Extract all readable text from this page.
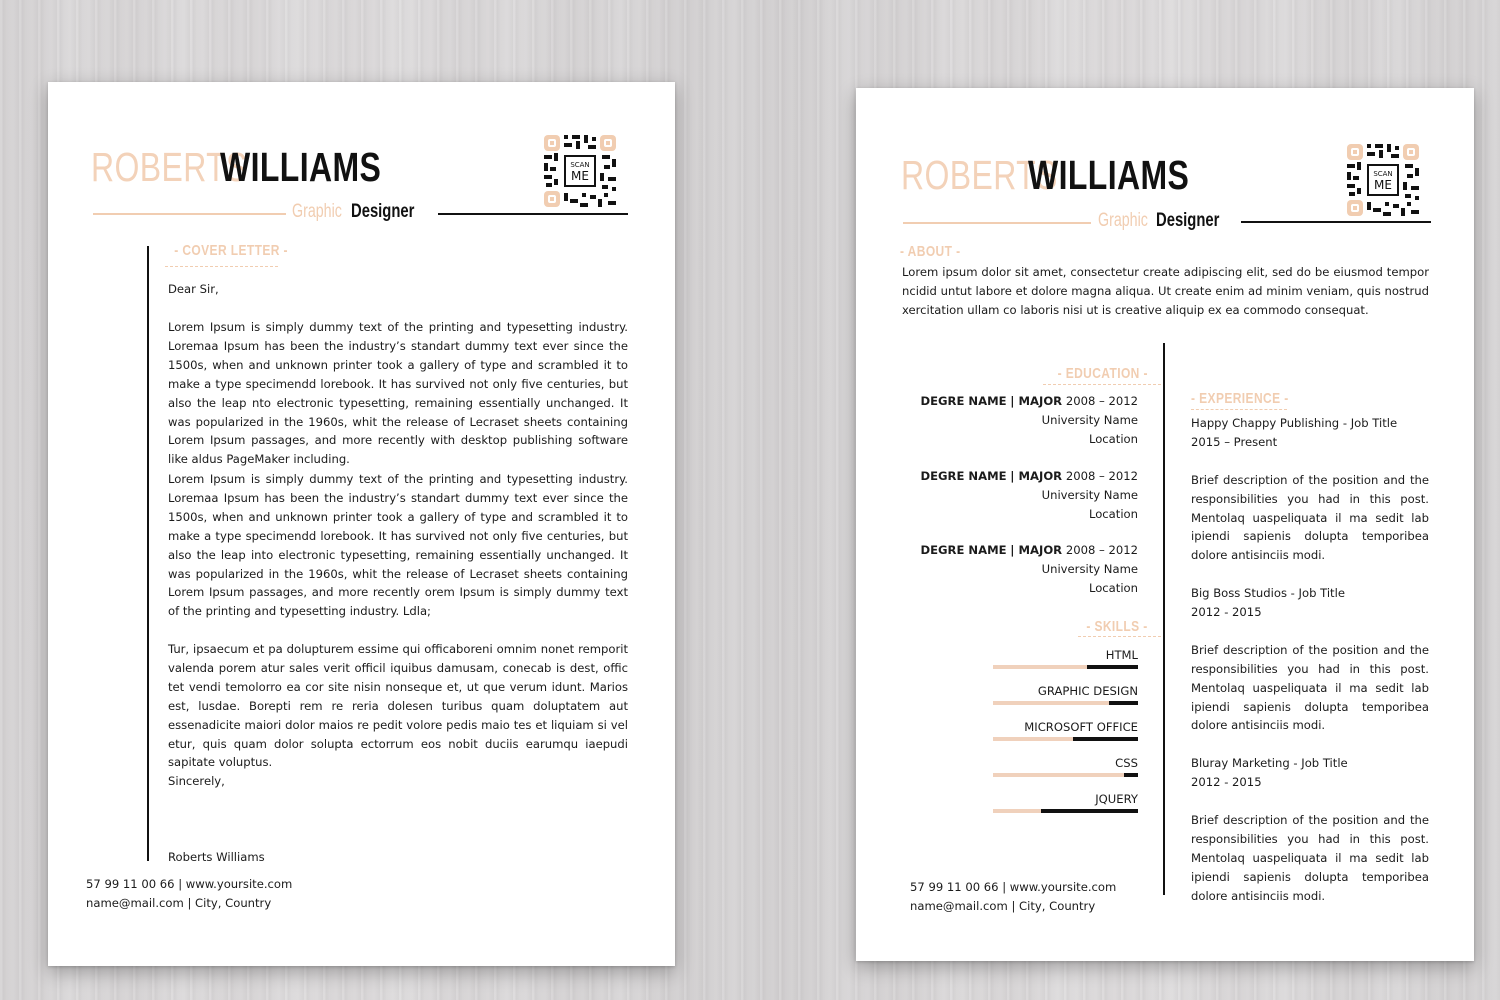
ROBERTS
WILLIAMS	SCAN
ME
Graphic Designer
- COVER LETTER -
Dear Sir,
Lorem Ipsum is simply dummy text of the printing and typesetting industry. Loremaa Ipsum has been the industry’s standart dummy text ever since the 1500s, when and unknown printer took a gallery of type and scrambled it to make a type specimendd lorebook. It has survived not only five centuries, but also the leap nto electronic typesetting, remaining essentially unchanged. It was popularized in the 1960s, whit the release of Lecraset sheets containing Lorem Ipsum passages, and more recently with desktop publishing software like aldus PageMaker including.
Lorem Ipsum is simply dummy text of the printing and typesetting industry. Loremaa Ipsum has been the industry’s standart dummy text ever since the 1500s, when and unknown printer took a gallery of type and scrambled it to make a type specimendd lorebook. It has survived not only five centuries, but also the leap into electronic typesetting, remaining essentially unchanged. It was popularized in the 1960s, whit the release of Lecraset sheets containing Lorem Ipsum passages, and more recently orem Ipsum is simply dummy text of the printing and typesetting industry. Ldla;
Tur, ipsaecum et pa dolupturem essime qui officaboreni omnim nonet remporit valenda porem atur sales verit officil iquibus damusam, conecab is dest, offic tet vendi temolorro ea cor site nisin nonseque et, ut que verum idunt. Marios est, lusdae. Borepti rem re reria dolesen turibus quam doluptatem aut essenadicite maiori dolor maios re pedit volore pedis maio tes et liquiam si vel etur, quis quam dolor solupta ectorrum eos nobit duciis earumqu iaepudi sapitate voluptus.
Sincerely,
Roberts Williams
57 99 11 00 66 | www.yoursite.com
name@mail.com | City, Country
ROBERTS
WILLIAMS	SCAN
ME
Graphic Designer
- ABOUT -
Lorem ipsum dolor sit amet, consectetur create adipiscing elit, sed do be eiusmod tempor ncidid untut labore et dolore magna aliqua. Ut create enim ad minim veniam, quis nostrud xercitation ullam co laboris nisi ut is creative aliquip ex ea commodo consequat.
- EDUCATION -
DEGRE NAME | MAJOR 2008 – 2012
University Name
Location
DEGRE NAME | MAJOR 2008 – 2012
University Name
Location
DEGRE NAME | MAJOR 2008 – 2012
University Name
Location
- SKILLS -
HTML
GRAPHIC DESIGN
MICROSOFT OFFICE
CSS
JQUERY
- EXPERIENCE -
Happy Chappy Publishing - Job Title
2015 – Present
Brief description of the position and the responsibilities you had in this post. Mentolaq uaspeliquata il ma sedit lab ipiendi sapienis dolupta temporibea dolore antisinciis modi.
Big Boss Studios - Job Title
2012 - 2015
Brief description of the position and the responsibilities you had in this post. Mentolaq uaspeliquata il ma sedit lab ipiendi sapienis dolupta temporibea dolore antisinciis modi.
Bluray Marketing - Job Title
2012 - 2015
Brief description of the position and the responsibilities you had in this post. Mentolaq uaspeliquata il ma sedit lab ipiendi sapienis dolupta temporibea dolore antisinciis modi.
57 99 11 00 66 | www.yoursite.com
name@mail.com | City, Country
